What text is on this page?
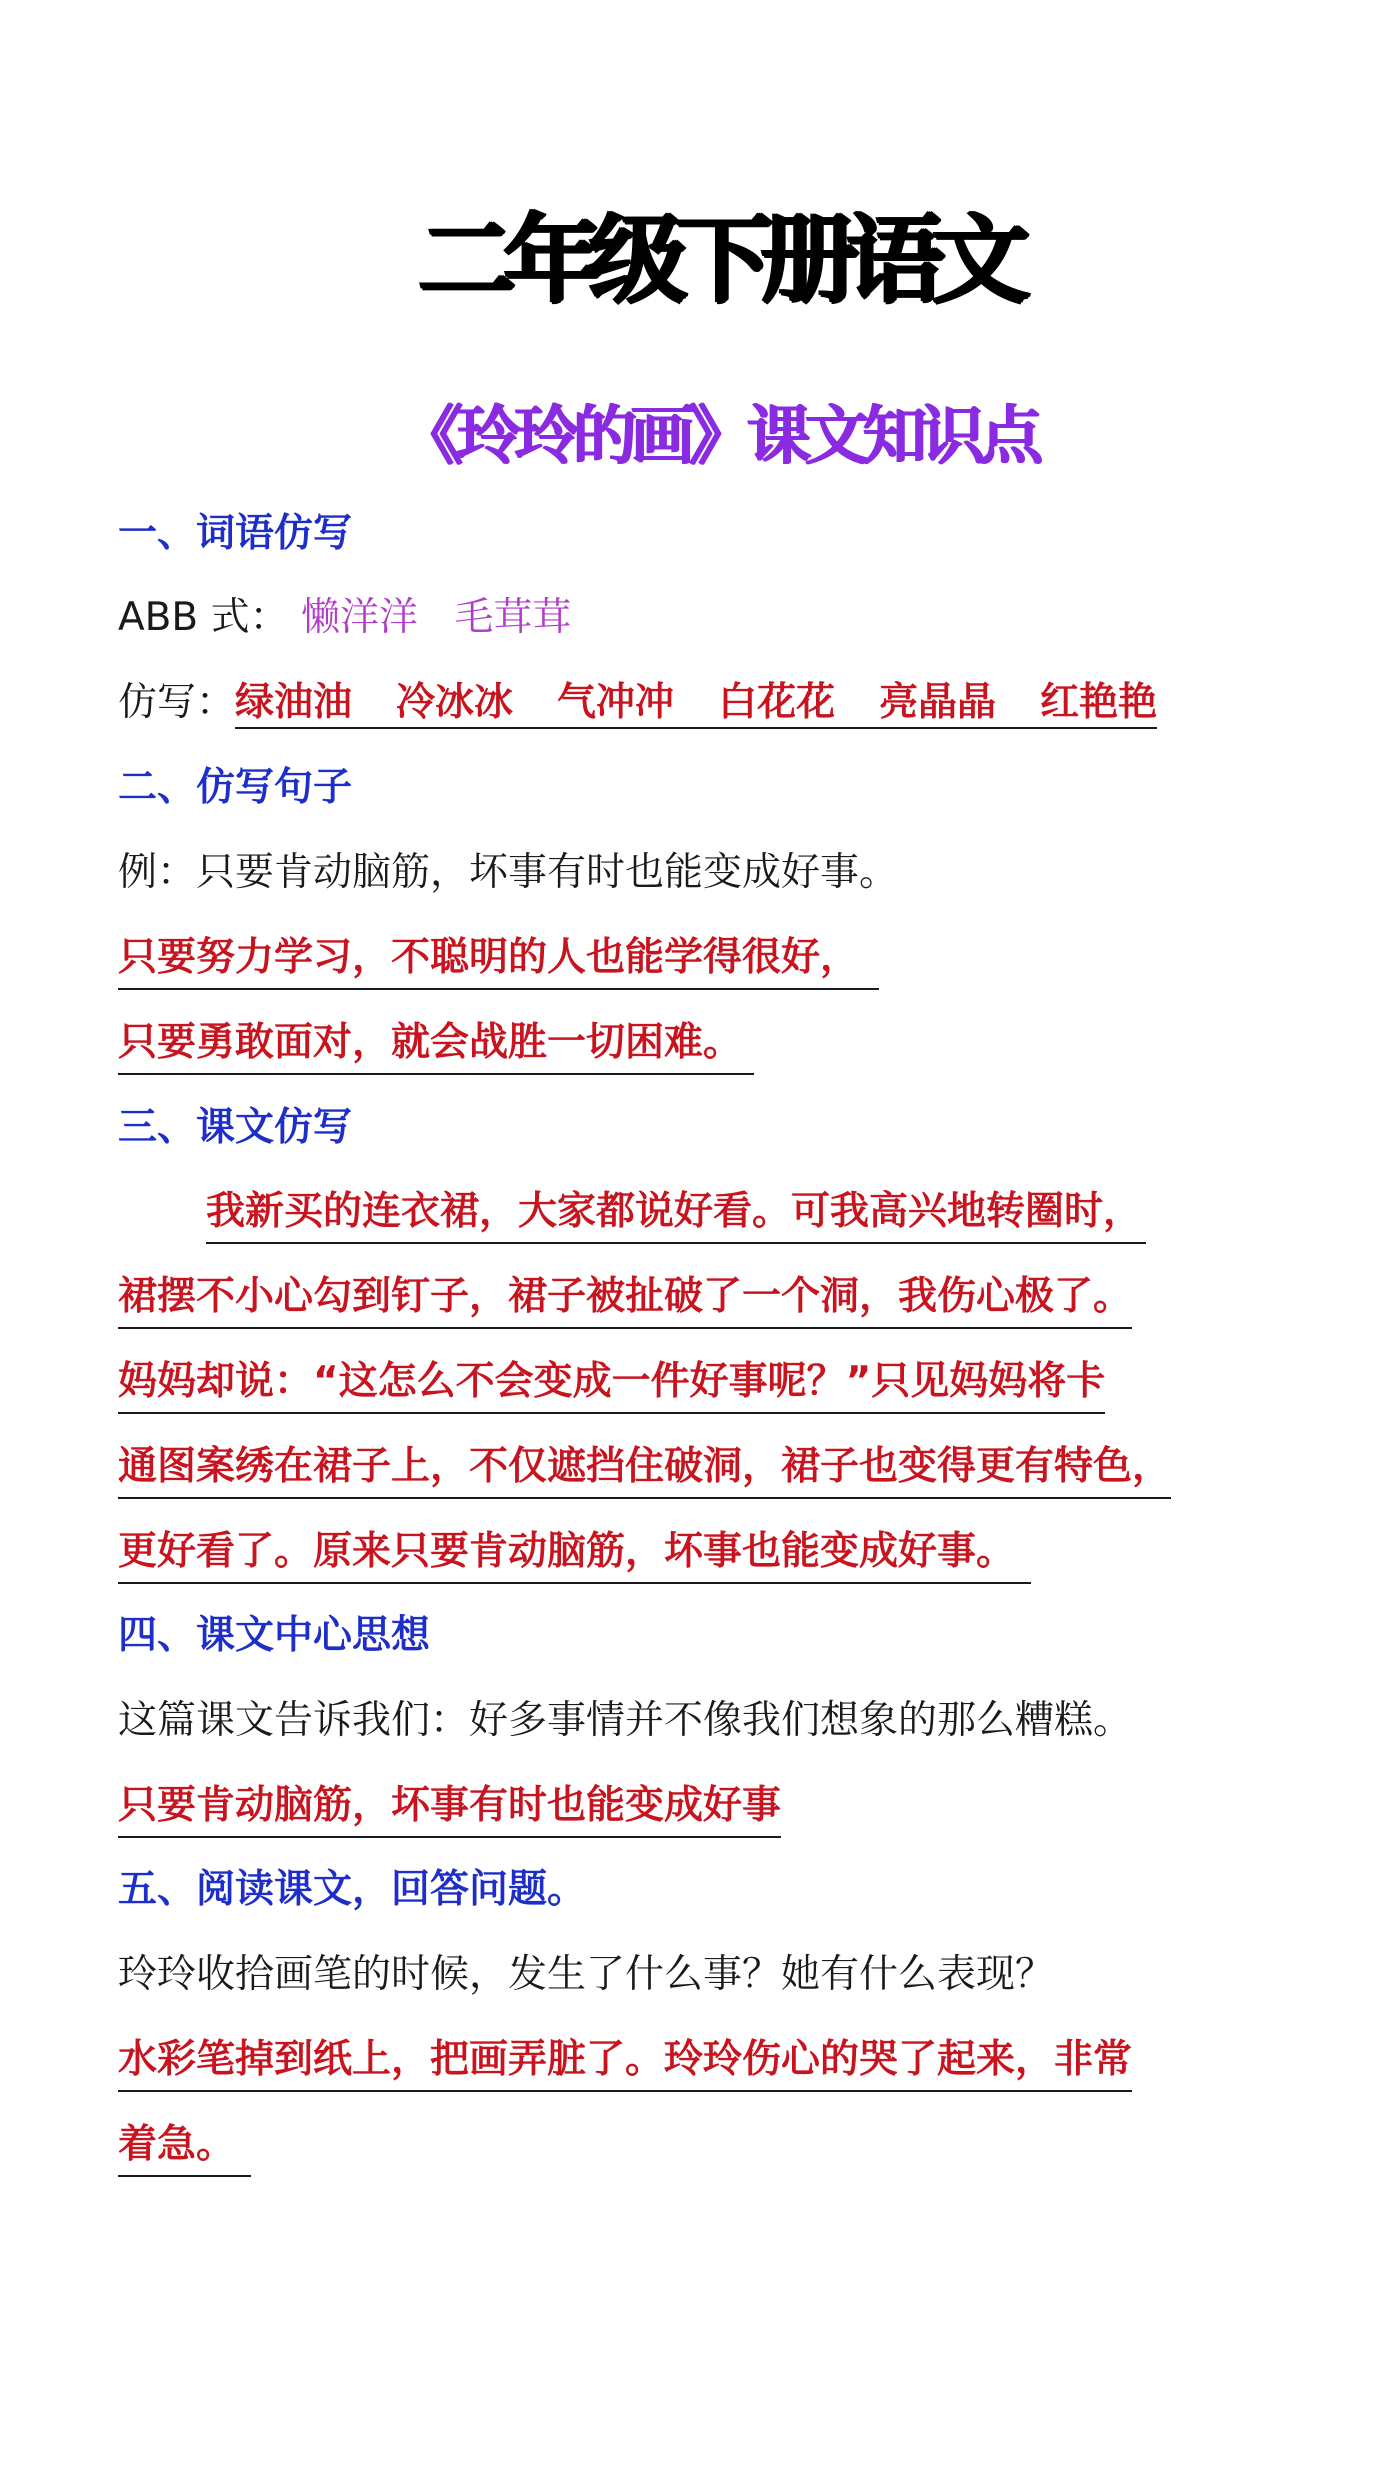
二年级下册语文
《玲玲的画》课文知识点
一、词语仿写
ABB 式： 懒洋洋 毛茸茸
仿写：绿油油 冷冰冰 气冲冲 白花花 亮晶晶 红艳艳
二、仿写句子
例：只要肯动脑筋，坏事有时也能变成好事。
只要努力学习，不聪明的人也能学得很好，
只要勇敢面对，就会战胜一切困难。
三、课文仿写
我新买的连衣裙，大家都说好看。可我高兴地转圈时，
裙摆不小心勾到钉子，裙子被扯破了一个洞，我伤心极了。
妈妈却说：“这怎么不会变成一件好事呢？”只见妈妈将卡
通图案绣在裙子上，不仅遮挡住破洞，裙子也变得更有特色，
更好看了。原来只要肯动脑筋，坏事也能变成好事。
四、课文中心思想
这篇课文告诉我们：好多事情并不像我们想象的那么糟糕。
只要肯动脑筋，坏事有时也能变成好事
五、阅读课文，回答问题。
玲玲收拾画笔的时候，发生了什么事？她有什么表现？
水彩笔掉到纸上，把画弄脏了。玲玲伤心的哭了起来，非常
着急。
